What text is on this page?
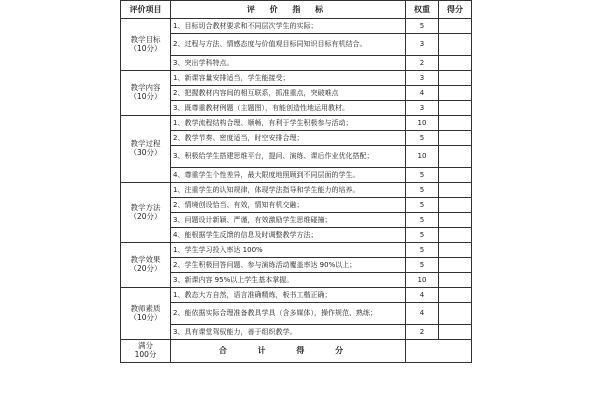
评价项目	评 价 指 标	权重	得分

教学目标
（10分）	1、目标切合教材要求和不同层次学生的实际；	5	
	2、过程与方法、情感态度与价值观目标同知识目标有机结合。	3	
	3、突出学科特点。	2	

教学内容
（10分）	1、新课容量安排适当，学生能接受；	3	
	2、把握教材内容间的相互联系，抓准重点，突破难点	4	
	3、既尊重教材例题（主题图），有能创造性地运用教材。	3	

教学过程
（30分）	1、教学流程结构合理、顺畅，有利于学生积极参与活动；	10	
	2、教学节奏、密度适当，时空安排合理；	5	
	3、积极给学生搭建思维平台，提问、演练、课后作业优化搭配；	10	
	4、尊重学生个性差异，最大限度地照顾到不同层面的学生。	5	

教学方法
（20分）	1、注重学生的认知规律，体现学法指导和学生能力的培养。	5	
	2、情境创设恰当、有效，情知有机交融；	5	
	3、问题设计新颖、严谨，有效激励学生思维碰撞；	5	
	4、能根据学生反馈的信息及时调整教学方法；	5	

教学效果
（20分）	1、学生学习投入率达 100%	5	
	2、学生积极回答问题、参与演练活动覆盖率达 90%以上；	5	
	3、新课内容 95%以上学生基本掌握。	10	

教师素质
（10分）	1、教态大方自然，语言准确精炼，板书工楷正确；	4	
	2、能依据实际合理准备教具学具（含多媒体），操作规范、熟练；	4	
	3、具有课堂驾驭能力，善于组织教学。	2	

满分
100分	合 计 得 分		
